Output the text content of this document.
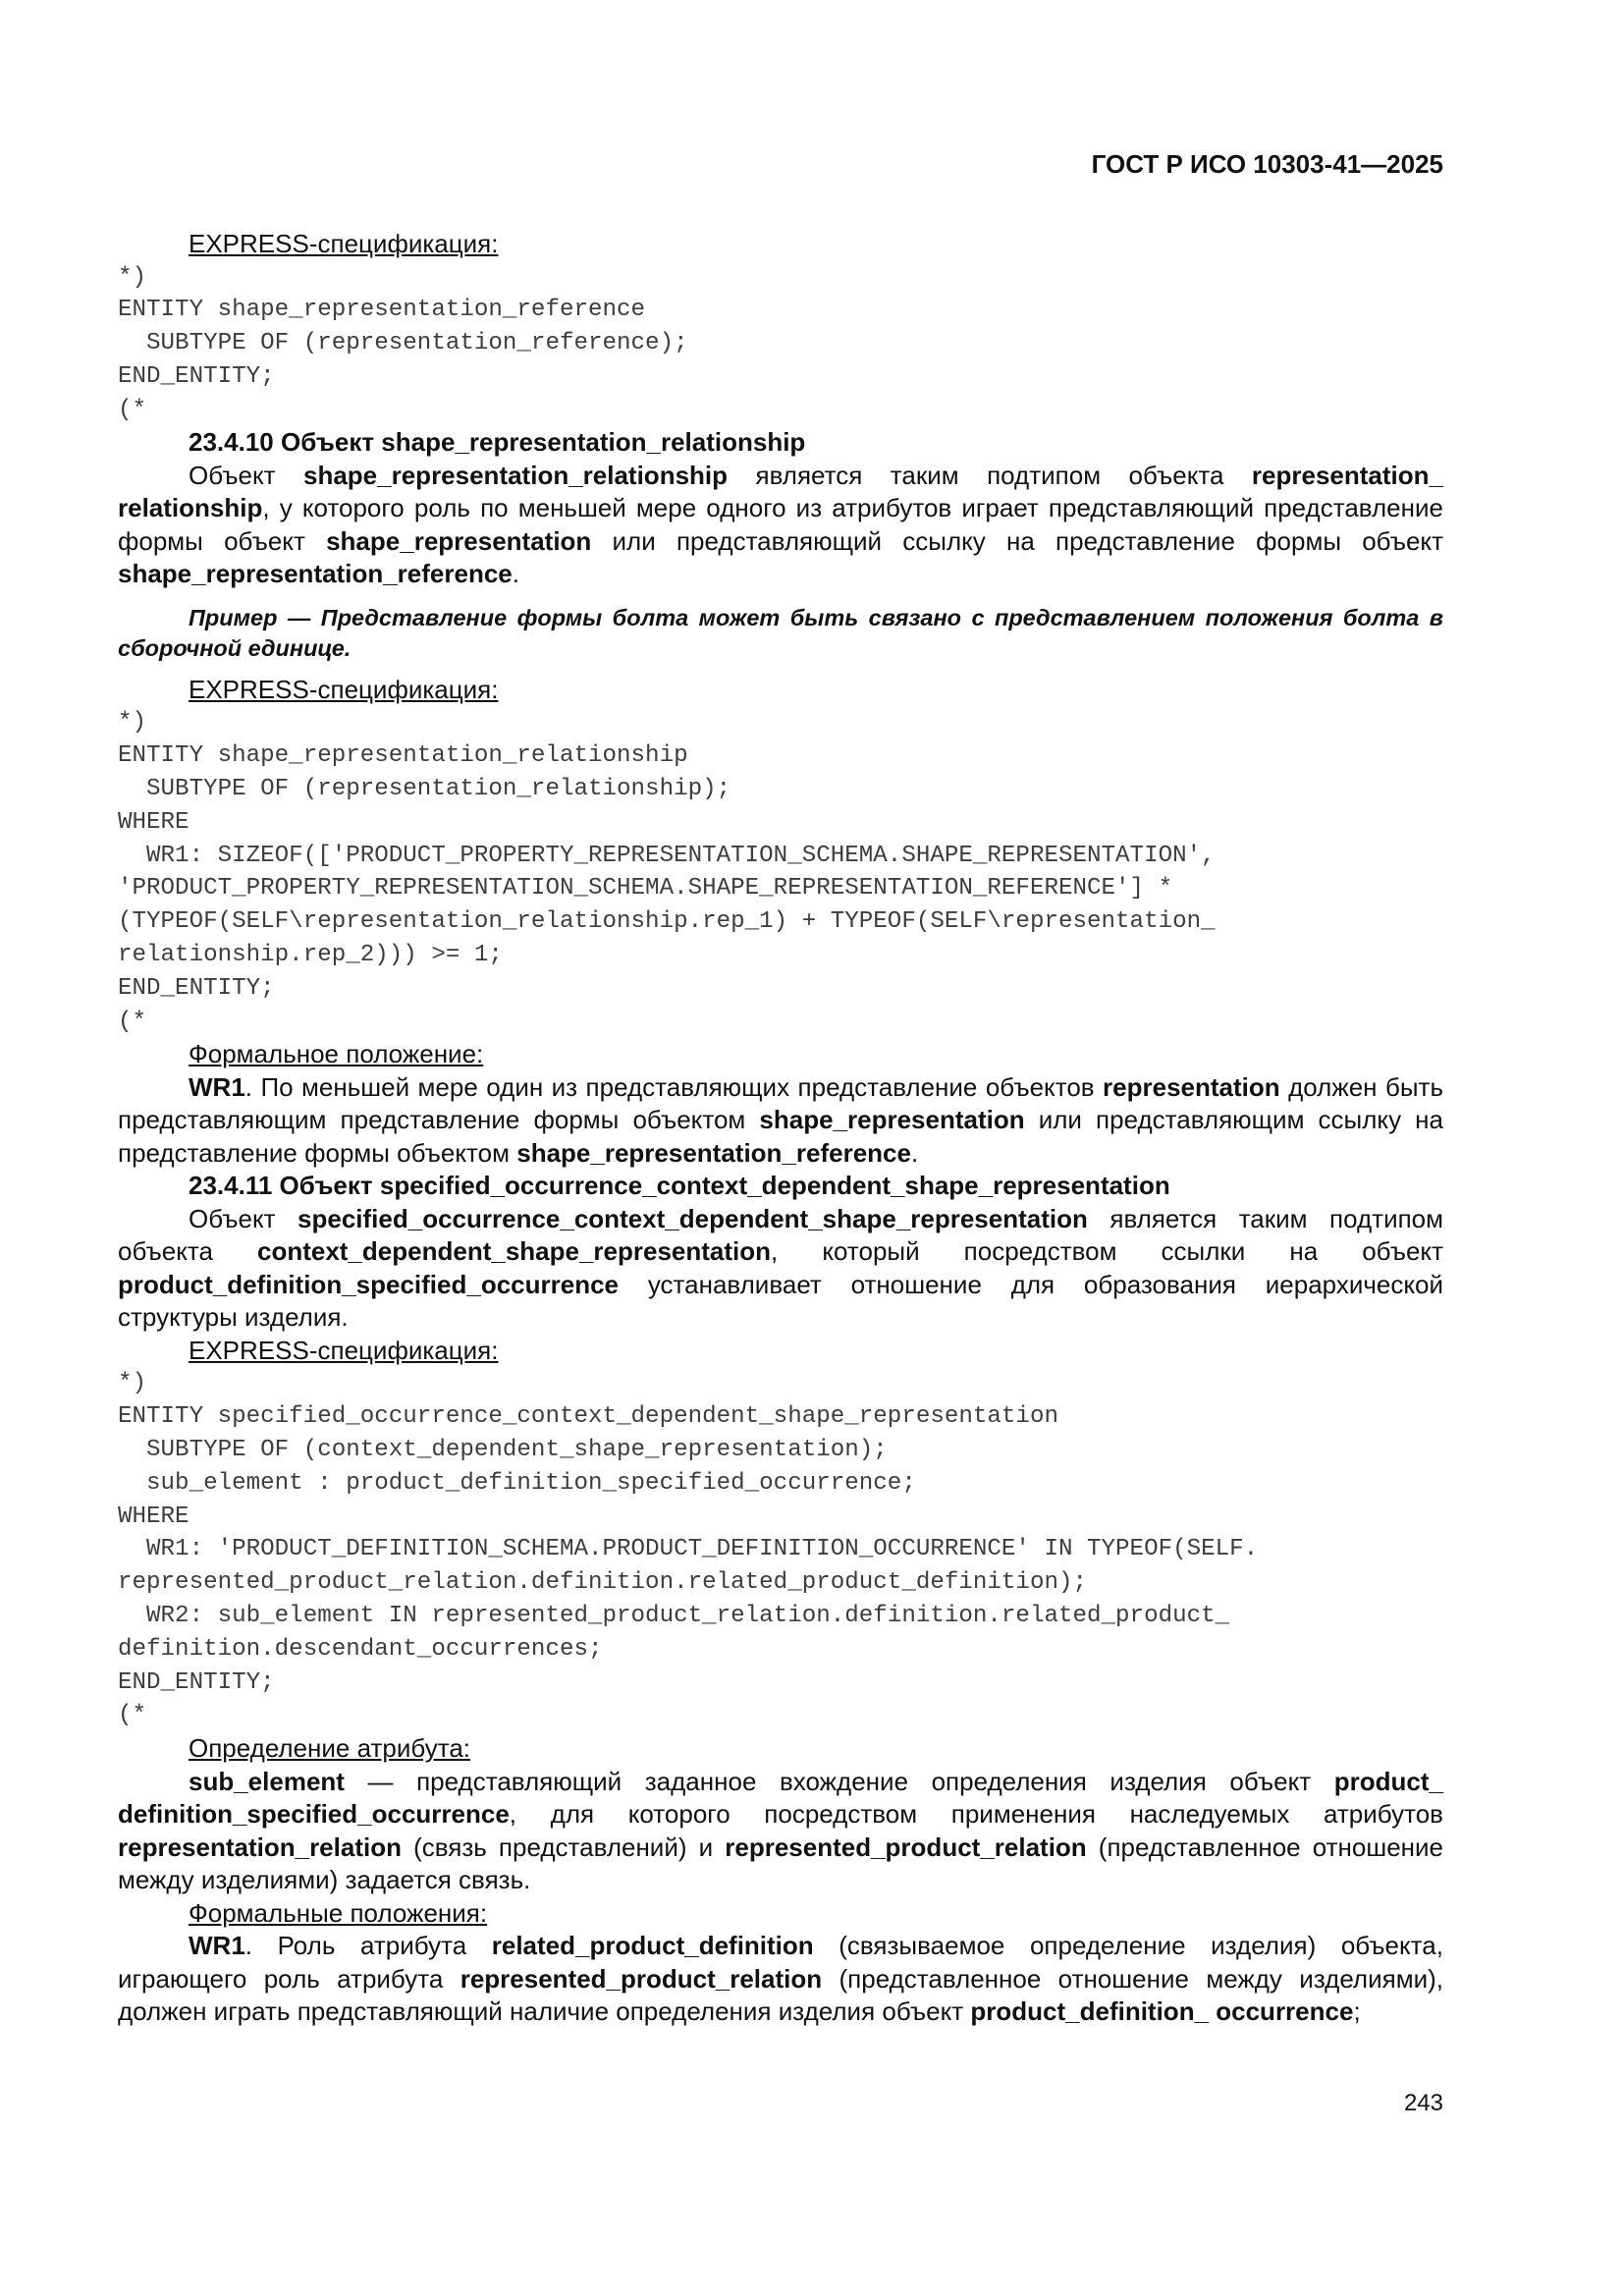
ГОСТ Р ИСО 10303-41—2025

EXPRESS-спецификация:

*)
ENTITY shape_representation_reference
SUBTYPE OF (representation_reference);
END_ENTITY;
(*

23.4.10 Объект shape_representation_relationship

Объект shape_representation_relationship является таким подтипом объекта representation_ relationship, у которого роль по меньшей мере одного из атрибутов играет представляющий представление формы объект shape_representation или представляющий ссылку на представление формы объект shape_representation_reference.

Пример — Представление формы болта может быть связано с представлением положения болта в сборочной единице.

EXPRESS-спецификация:

*)
ENTITY shape_representation_relationship
SUBTYPE OF (representation_relationship);
WHERE
WR1: SIZEOF(['PRODUCT_PROPERTY_REPRESENTATION_SCHEMA.SHAPE_REPRESENTATION',
'PRODUCT_PROPERTY_REPRESENTATION_SCHEMA.SHAPE_REPRESENTATION_REFERENCE'] *
(TYPEOF(SELF\representation_relationship.rep_1) + TYPEOF(SELF\representation_
relationship.rep_2))) >= 1;
END_ENTITY;
(*

Формальное положение:

WR1. По меньшей мере один из представляющих представление объектов representation должен быть представляющим представление формы объектом shape_representation или представляющим ссылку на представление формы объектом shape_representation_reference.

23.4.11 Объект specified_occurrence_context_dependent_shape_representation

Объект specified_occurrence_context_dependent_shape_representation является таким подтипом объекта context_dependent_shape_representation, который посредством ссылки на объект product_definition_specified_occurrence устанавливает отношение для образования иерархической структуры изделия.

EXPRESS-спецификация:

*)
ENTITY specified_occurrence_context_dependent_shape_representation
SUBTYPE OF (context_dependent_shape_representation);
sub_element : product_definition_specified_occurrence;
WHERE
WR1: 'PRODUCT_DEFINITION_SCHEMA.PRODUCT_DEFINITION_OCCURRENCE' IN TYPEOF(SELF.
represented_product_relation.definition.related_product_definition);
WR2: sub_element IN represented_product_relation.definition.related_product_
definition.descendant_occurrences;
END_ENTITY;
(*

Определение атрибута:

sub_element — представляющий заданное вхождение определения изделия объект product_ definition_specified_occurrence, для которого посредством применения наследуемых атрибутов representation_relation (связь представлений) и represented_product_relation (представленное отношение между изделиями) задается связь.

Формальные положения:

WR1. Роль атрибута related_product_definition (связываемое определение изделия) объекта, играющего роль атрибута represented_product_relation (представленное отношение между изделиями), должен играть представляющий наличие определения изделия объект product_definition_ occurrence;

243
